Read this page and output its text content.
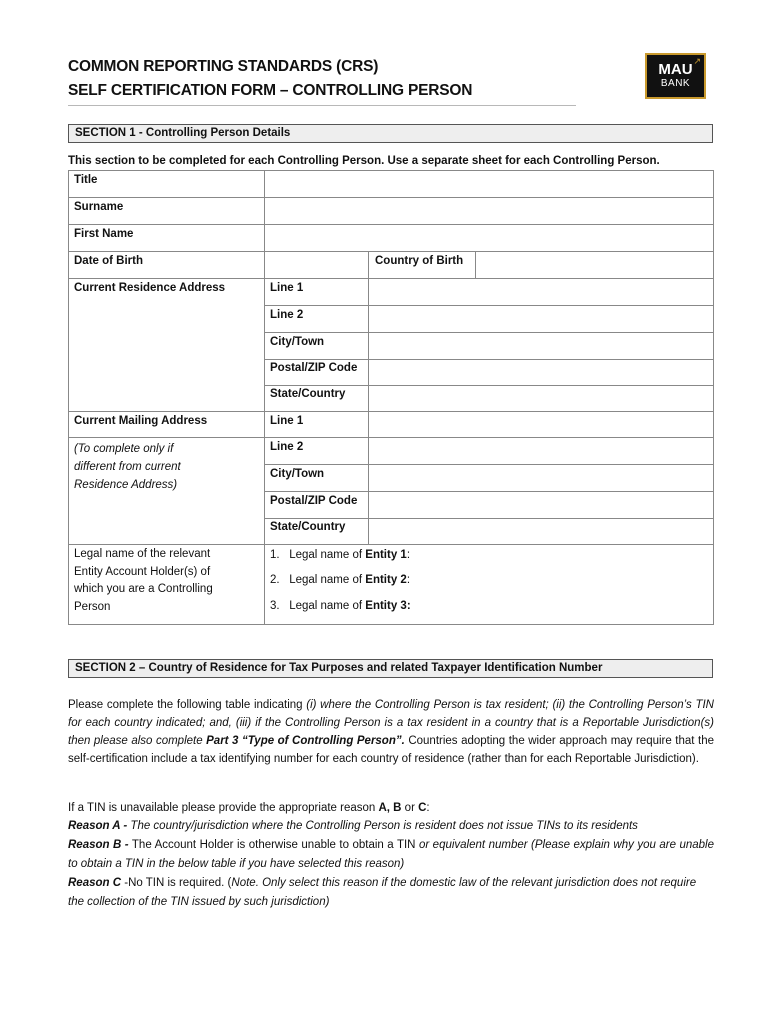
COMMON REPORTING STANDARDS (CRS)
SELF CERTIFICATION FORM – CONTROLLING PERSON
↗
MAU
BANK
SECTION 1 - Controlling Person Details
This section to be completed for each Controlling Person. Use a separate sheet for each Controlling Person.
Title
Surname
First Name
Date of Birth	Country of Birth
Current Residence Address	Line 1
Line 2
City/Town
Postal/ZIP Code
State/Country
Current Mailing Address
(To complete only if
different from current
Residence Address)
Line 1
Line 2
City/Town
Postal/ZIP Code
State/Country
Legal name of the relevant
Entity Account Holder(s) of
which you are a Controlling
Person
1. Legal name of Entity 1:
2. Legal name of Entity 2:
3. Legal name of Entity 3:
SECTION 2 – Country of Residence for Tax Purposes and related Taxpayer Identification Number
Please complete the following table indicating (i) where the Controlling Person is tax resident; (ii) the Controlling Person’s TIN for each country indicated; and, (iii) if the Controlling Person is a tax resident in a country that is a Reportable Jurisdiction(s) then please also complete Part 3 “Type of Controlling Person”. Countries adopting the wider approach may require that the self-certification include a tax identifying number for each country of residence (rather than for each Reportable Jurisdiction).
If a TIN is unavailable please provide the appropriate reason A, B or C:
Reason A - The country/jurisdiction where the Controlling Person is resident does not issue TINs to its residents
Reason B - The Account Holder is otherwise unable to obtain a TIN or equivalent number (Please explain why you are unable to obtain a TIN in the below table if you have selected this reason)
Reason C -No TIN is required. (Note. Only select this reason if the domestic law of the relevant jurisdiction does not require the collection of the TIN issued by such jurisdiction)
